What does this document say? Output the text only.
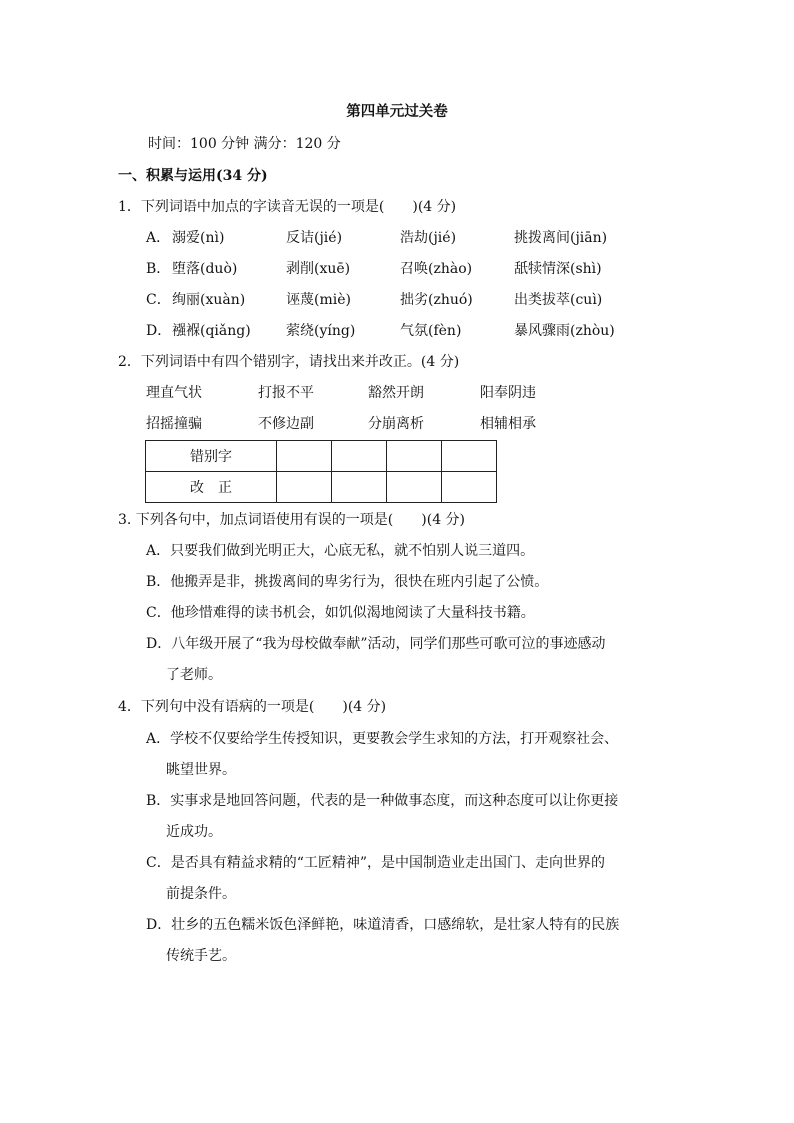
第四单元过关卷
时间：100 分钟 满分：120 分
一、积累与运用(34 分)
1．下列词语中加点的字读音无误的一项是(　　)(4 分)
A． 溺爱(nì)	反诘(jié)	浩劫(jié)	挑拨离间(jiān)
B． 堕落(duò)	剥削(xuē)	召唤(zhào)	舐犊情深(shì)
C． 绚丽(xuàn)	诬蔑(miè)	拙劣(zhuó)	出类拔萃(cuì)
D． 襁褓(qiǎng)	萦绕(yíng)	气氛(fèn)	暴风骤雨(zhòu)
2．下列词语中有四个错别字，请找出来并改正。(4 分)
理直气状	打报不平	豁然开朗	阳奉阴违
招摇撞骗	不修边副	分崩离析	相辅相承
错别字				
改　正				
3. 下列各句中，加点词语使用有误的一项是(　　)(4 分)
A．只要我们做到光明正大，心底无私，就不怕别人说三道四。
B．他搬弄是非，挑拨离间的卑劣行为，很快在班内引起了公愤。
C．他珍惜难得的读书机会，如饥似渴地阅读了大量科技书籍。
D．八年级开展了“我为母校做奉献”活动，同学们那些可歌可泣的事迹感动
了老师。
4．下列句中没有语病的一项是(　　)(4 分)
A．学校不仅要给学生传授知识，更要教会学生求知的方法，打开观察社会、
眺望世界。
B．实事求是地回答问题，代表的是一种做事态度，而这种态度可以让你更接
近成功。
C．是否具有精益求精的“工匠精神”，是中国制造业走出国门、走向世界的
前提条件。
D．壮乡的五色糯米饭色泽鲜艳，味道清香，口感绵软，是壮家人特有的民族
传统手艺。
